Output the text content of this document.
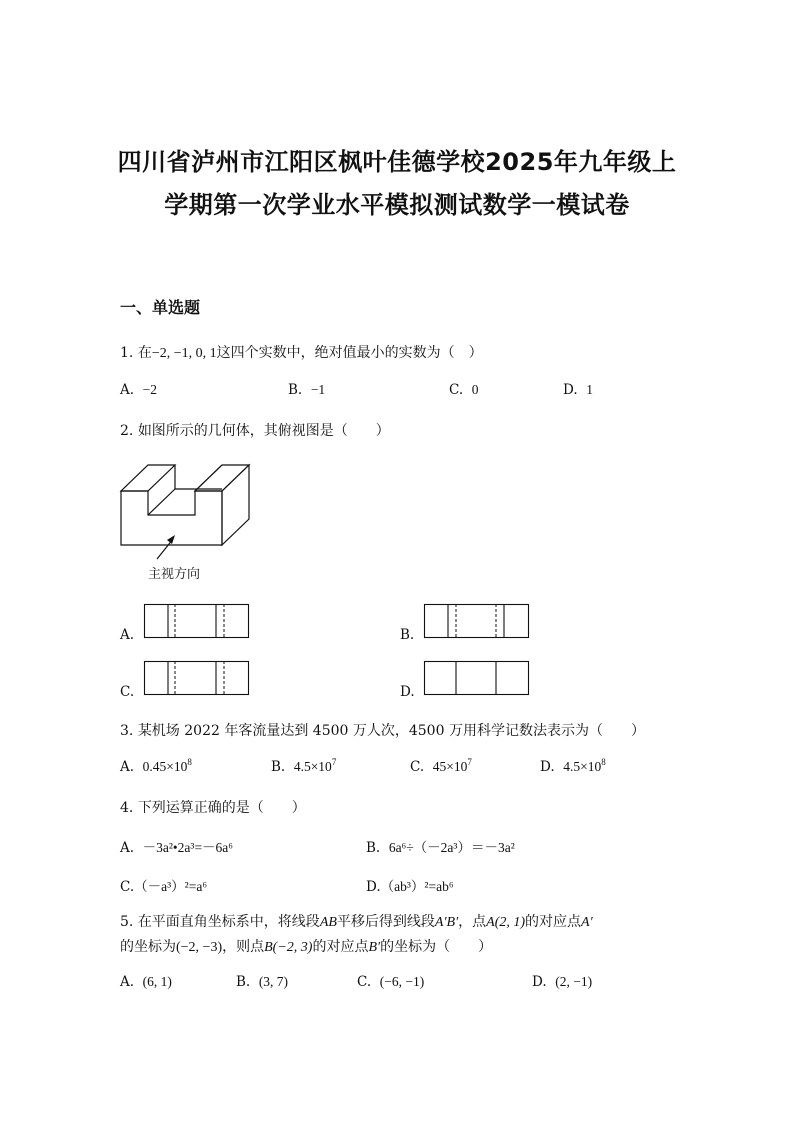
四川省泸州市江阳区枫叶佳德学校2025年九年级上
学期第一次学业水平模拟测试数学一模试卷
一、单选题
1. 在−2, −1, 0, 1这四个实数中，绝对值最小的实数为（　）
A. −2	B. −1	C. 0	D. 1
2. 如图所示的几何体，其俯视图是（　　）
主视方向
A.	B.
C.	D.
3. 某机场 2022 年客流量达到 4500 万人次，4500 万用科学记数法表示为（　　）
A. $0.45\times 10^8$	B. $4.5\times 10^7$	C. $45\times 10^7$	D. $4.5\times 10^8$
4. 下列运算正确的是（　　）
A. －3a²•2a³=－6a⁶	B. 6a⁶÷（－2a³）＝－3a²
C.（－a³）²=a⁶	D.（ab³）²=ab⁶
5. 在平面直角坐标系中，将线段AB平移后得到线段A′B′，点A(2, 1)的对应点A′
的坐标为(−2, −3)，则点B(−2, 3)的对应点B′的坐标为（　　）
A. (6, 1)	B. (3, 7)	C. (−6, −1)	D. (2, −1)
